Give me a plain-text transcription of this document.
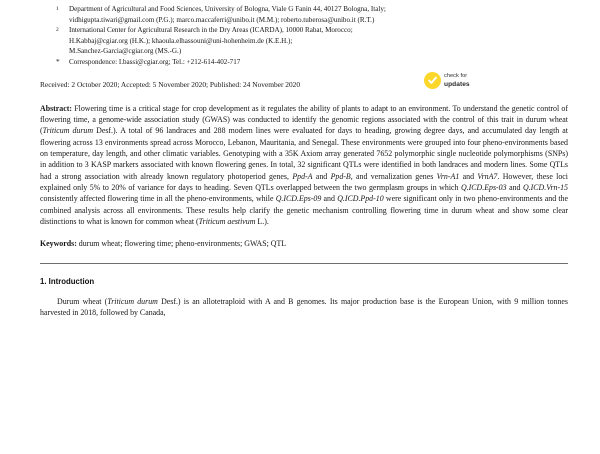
1	Department of Agricultural and Food Sciences, University of Bologna, Viale G Fanin 44, 40127 Bologna, Italy;
vidhigupta.tiwari@gmail.com (P.G.); marco.maccaferri@unibo.it (M.M.); roberto.tuberosa@unibo.it (R.T.)
2	International Center for Agricultural Research in the Dry Areas (ICARDA), 10000 Rabat, Morocco;
H.Kabbaj@cgiar.org (H.K.); khaoula.elhassouni@uni-hohenheim.de (K.E.H.);
M.Sanchez-Garcia@cgiar.org (MS.-G.)
*	Correspondence: I.bassi@cgiar.org; Tel.: +212-614-402-717
Received: 2 October 2020; Accepted: 5 November 2020; Published: 24 November 2020
check for
updates
Abstract: Flowering time is a critical stage for crop development as it regulates the ability of plants to adapt to an environment. To understand the genetic control of flowering time, a genome-wide association study (GWAS) was conducted to identify the genomic regions associated with the control of this trait in durum wheat (Triticum durum Desf.). A total of 96 landraces and 288 modern lines were evaluated for days to heading, growing degree days, and accumulated day length at flowering across 13 environments spread across Morocco, Lebanon, Mauritania, and Senegal. These environments were grouped into four pheno-environments based on temperature, day length, and other climatic variables. Genotyping with a 35K Axiom array generated 7652 polymorphic single nucleotide polymorphisms (SNPs) in addition to 3 KASP markers associated with known flowering genes. In total, 32 significant QTLs were identified in both landraces and modern lines. Some QTLs had a strong association with already known regulatory photoperiod genes, Ppd-A and Ppd-B, and vernalization genes Vrn-A1 and VrnA7. However, these loci explained only 5% to 20% of variance for days to heading. Seven QTLs overlapped between the two germplasm groups in which Q.ICD.Eps-03 and Q.ICD.Vrn-15 consistently affected flowering time in all the pheno-environments, while Q.ICD.Eps-09 and Q.ICD.Ppd-10 were significant only in two pheno-environments and the combined analysis across all environments. These results help clarify the genetic mechanism controlling flowering time in durum wheat and show some clear distinctions to what is known for common wheat (Triticum aestivum L.).
Keywords: durum wheat; flowering time; pheno-environments; GWAS; QTL
1. Introduction
Durum wheat (Triticum durum Desf.) is an allotetraploid with A and B genomes. Its major production base is the European Union, with 9 million tonnes harvested in 2018, followed by Canada,
